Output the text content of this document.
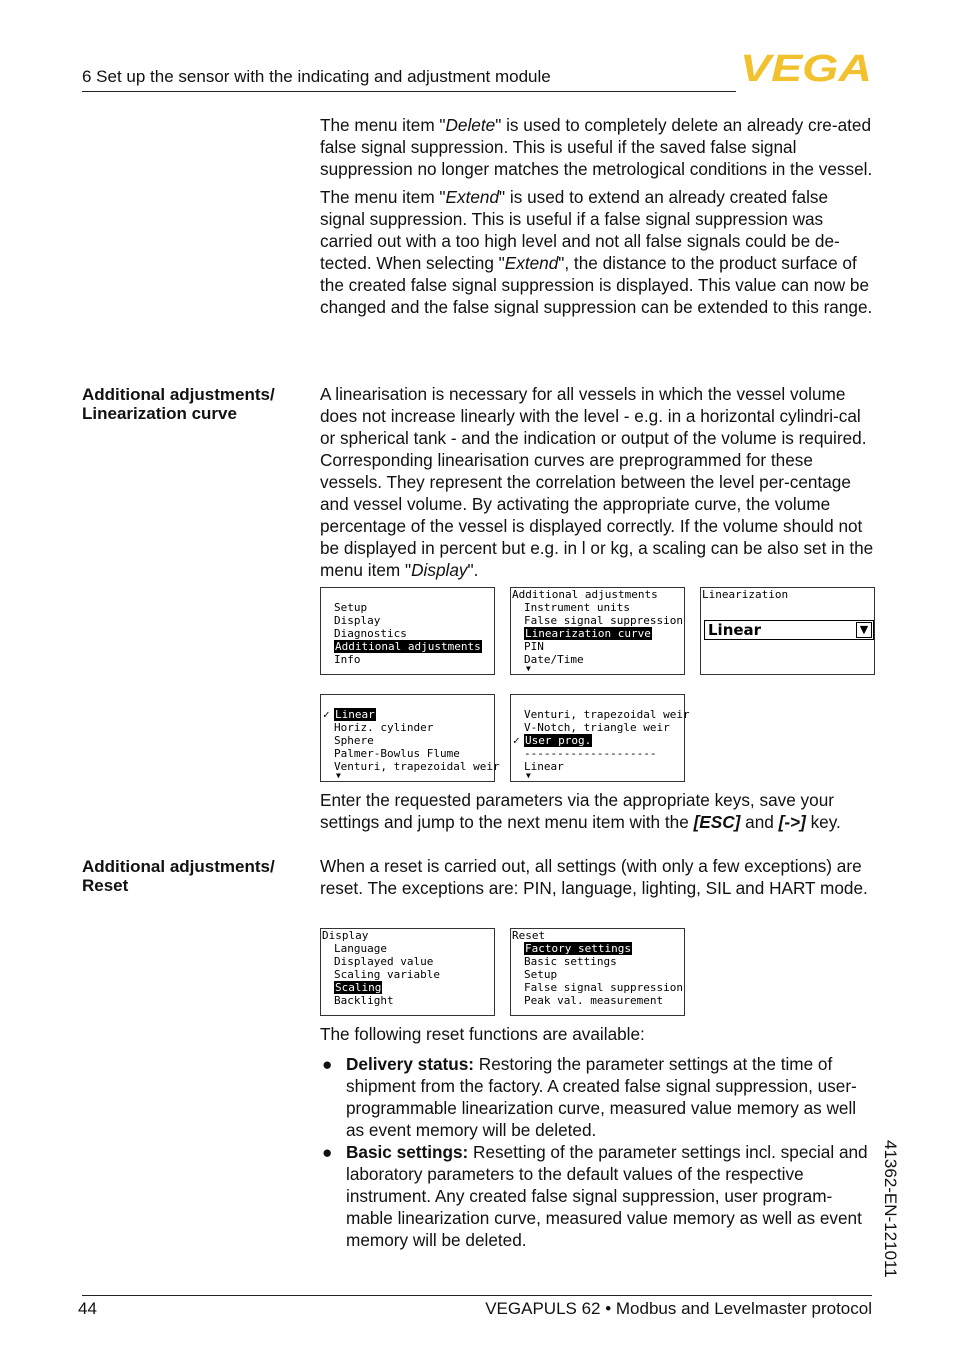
6 Set up the sensor with the indicating and adjustment module	VEGA

The menu item "Delete" is used to completely delete an already cre-ated false signal suppression. This is useful if the saved false signal suppression no longer matches the metrological conditions in the vessel.

The menu item "Extend" is used to extend an already created false signal suppression. This is useful if a false signal suppression was carried out with a too high level and not all false signals could be de-tected. When selecting "Extend", the distance to the product surface of the created false signal suppression is displayed. This value can now be changed and the false signal suppression can be extended to this range.

Additional adjustments/
Linearization curve

A linearisation is necessary for all vessels in which the vessel volume does not increase linearly with the level - e.g. in a horizontal cylindri-cal or spherical tank - and the indication or output of the volume is required. Corresponding linearisation curves are preprogrammed for these vessels. They represent the correlation between the level per-centage and vessel volume. By activating the appropriate curve, the volume percentage of the vessel is displayed correctly. If the volume should not be displayed in percent but e.g. in l or kg, a scaling can be also set in the menu item "Display".

Setup
Display
Diagnostics
Additional adjustments
Info
Additional adjustments
Instrument units
False signal suppression
Linearization curve
PIN
Date/Time
▼
Linearization
Linear	▼
✓ Linear
Horiz. cylinder
Sphere
Palmer-Bowlus Flume
Venturi, trapezoidal weir
▼
Venturi, trapezoidal weir
V-Notch, triangle weir
✓ User prog.
--------------------
Linear
▼

Enter the requested parameters via the appropriate keys, save your settings and jump to the next menu item with the [ESC] and [->] key.

Additional adjustments/
Reset

When a reset is carried out, all settings (with only a few exceptions) are reset. The exceptions are: PIN, language, lighting, SIL and HART mode.

Display
Language
Displayed value
Scaling variable
Scaling
Backlight
Reset
Factory settings
Basic settings
Setup
False signal suppression
Peak val. measurement

The following reset functions are available:

● Delivery status: Restoring the parameter settings at the time of shipment from the factory. A created false signal suppression, user-programmable linearization curve, measured value memory as well as event memory will be deleted.
● Basic settings: Resetting of the parameter settings incl. special and laboratory parameters to the default values of the respective instrument. Any created false signal suppression, user program-mable linearization curve, measured value memory as well as event memory will be deleted.	41362-EN-121011
44	VEGAPULS 62 • Modbus and Levelmaster protocol
